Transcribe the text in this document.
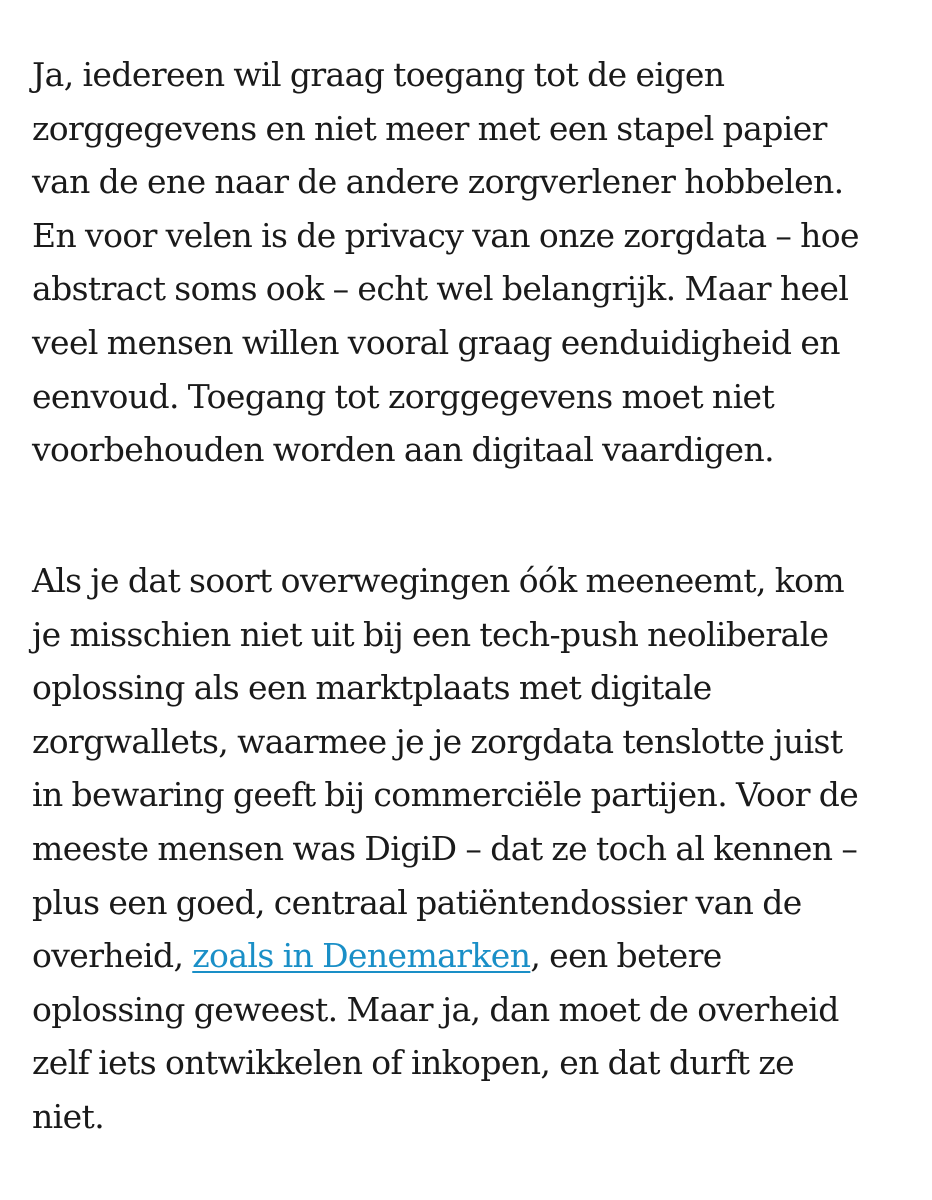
Ja, iedereen wil graag toegang tot de eigen
zorggegevens en niet meer met een stapel papier
van de ene naar de andere zorgverlener hobbelen.
En voor velen is de privacy van onze zorgdata – hoe
abstract soms ook – echt wel belangrijk. Maar heel
veel mensen willen vooral graag eenduidigheid en
eenvoud. Toegang tot zorggegevens moet niet
voorbehouden worden aan digitaal vaardigen.

Als je dat soort overwegingen óók meeneemt, kom
je misschien niet uit bij een tech-push neoliberale
oplossing als een marktplaats met digitale
zorgwallets, waarmee je je zorgdata tenslotte juist
in bewaring geeft bij commerciële partijen. Voor de
meeste mensen was DigiD – dat ze toch al kennen –
plus een goed, centraal patiëntendossier van de
overheid, zoals in Denemarken, een betere
oplossing geweest. Maar ja, dan moet de overheid
zelf iets ontwikkelen of inkopen, en dat durft ze
niet.
